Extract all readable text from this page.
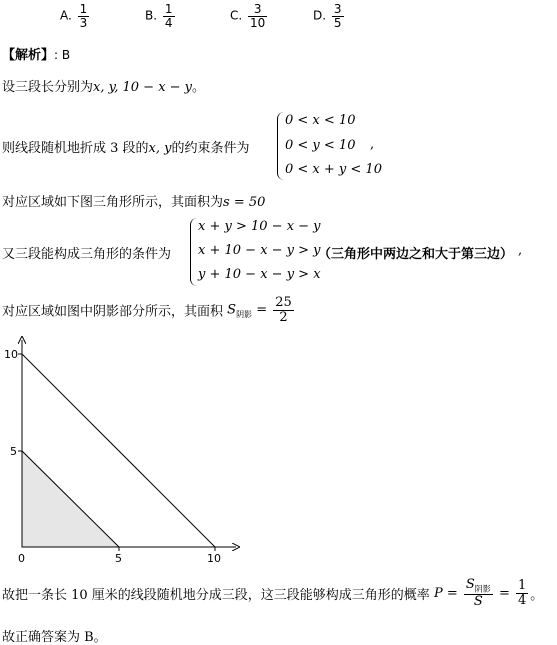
A. $\frac{1}{3}$	B. $\frac{1}{4}$	C. $\frac{3}{10}$	D. $\frac{3}{5}$
【解析】: B
设三段长分别为x, y, 10 − x − y。
则线段随机地折成 3 段的x, y的约束条件为
0 < x < 10
0 < y < 10
0 < x + y < 10
,
对应区域如下图三角形所示，其面积为s = 50
又三段能构成三角形的条件为
x + y > 10 − x − y
x + 10 − x − y > y
y + 10 − x − y > x
（三角形中两边之和大于第三边） ,
对应区域如图中阴影部分所示，其面积 $S_{阴影} = \frac{25}{2}$
10
5
0	5	10
故把一条长 10 厘米的线段随机地分成三段，这三段能够构成三角形的概率 $P = \frac{S_{阴影}}{S} = \frac{1}{4}$ 。
故正确答案为 B。
